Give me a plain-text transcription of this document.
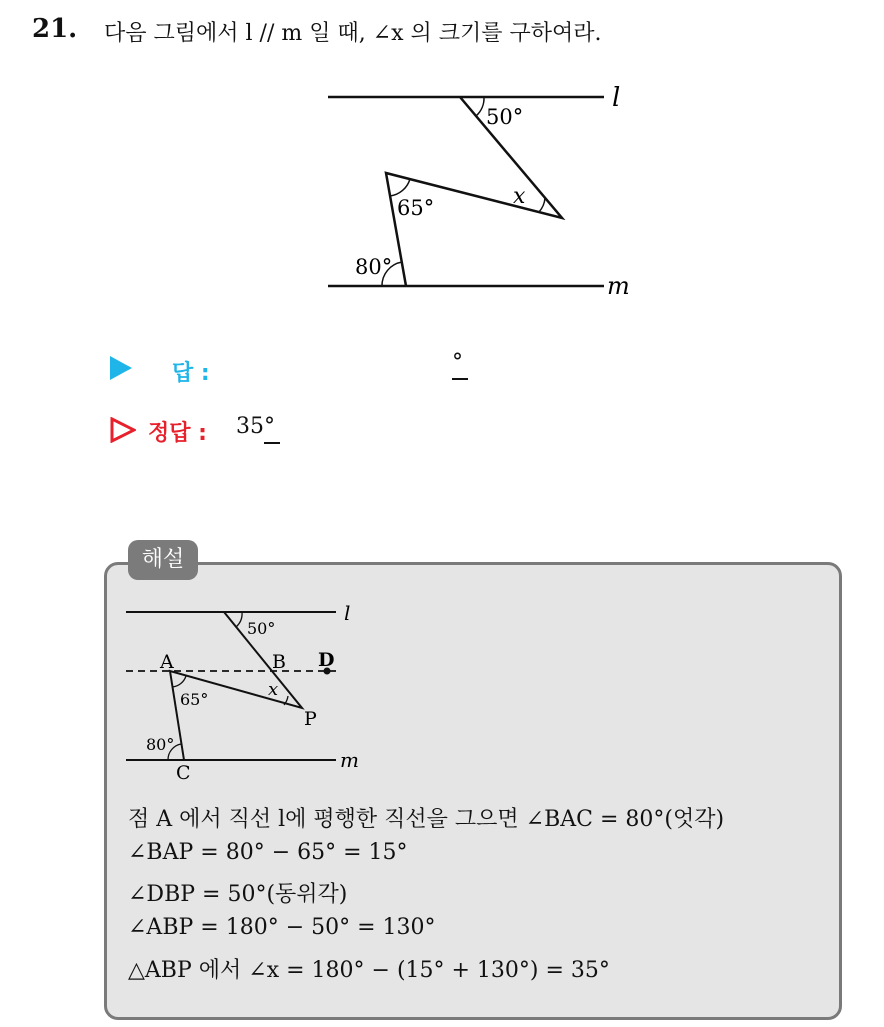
21. 다음 그림에서 l // m 일 때, ∠x 의 크기를 구하여라.
l
m
50°
x
65°
80°
답 :	°
정답 : 35°
해설
l
m
A	B D
P
C
50°
x
65°
80°
점 A 에서 직선 l에 평행한 직선을 그으면 ∠BAC = 80°(엇각)
∠BAP = 80° − 65° = 15°
∠DBP = 50°(동위각)
∠ABP = 180° − 50° = 130°
△ABP 에서 ∠x = 180° − (15° + 130°) = 35°
